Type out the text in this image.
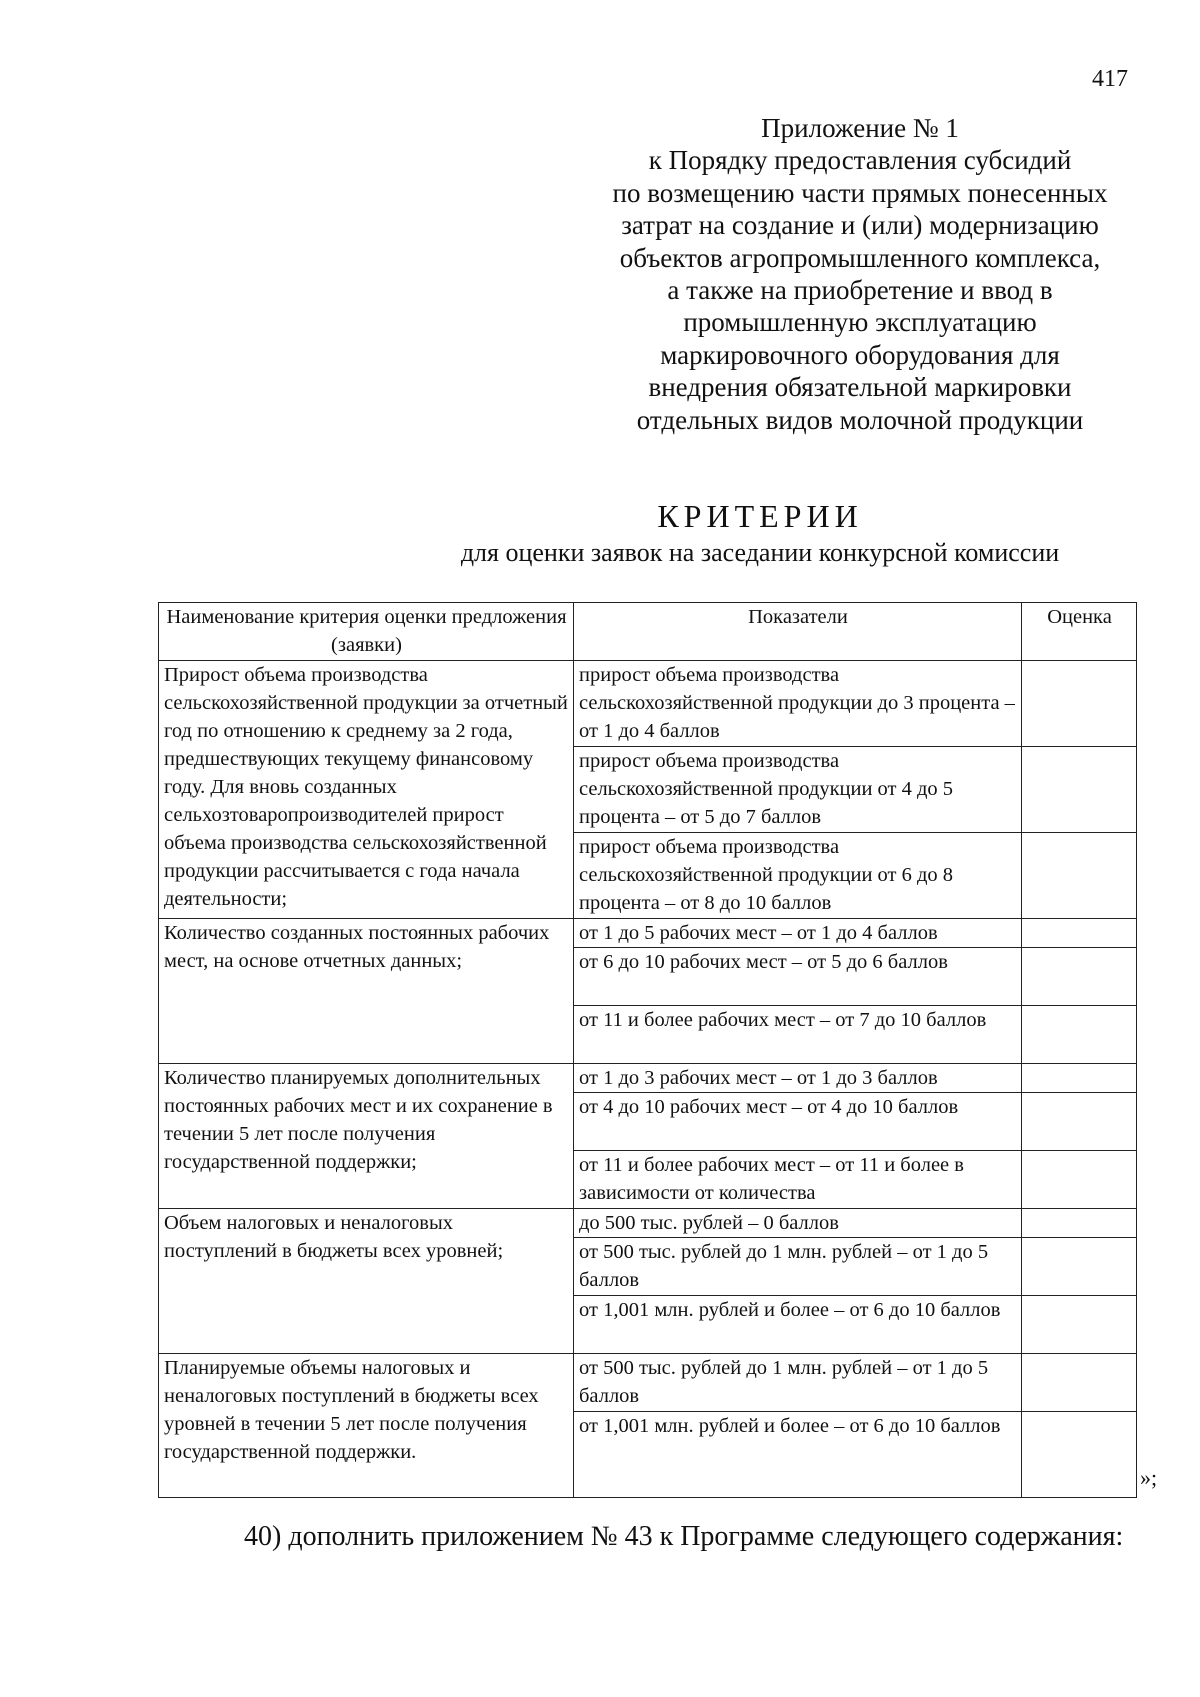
417
Приложение № 1
к Порядку предоставления субсидий
по возмещению части прямых понесенных
затрат на создание и (или) модернизацию
объектов агропромышленного комплекса,
а также на приобретение и ввод в
промышленную эксплуатацию
маркировочного оборудования для
внедрения обязательной маркировки
отдельных видов молочной продукции
КРИТЕРИИ
для оценки заявок на заседании конкурсной комиссии
Наименование критерия оценки предложения (заявки)	Показатели	Оценка
Прирост объема производства сельскохозяйственной продукции за отчетный год по отношению к среднему за 2 года, предшествующих текущему финансовому году. Для вновь созданных сельхозтоваропроизводителей прирост объема производства сельскохозяйственной продукции рассчитывается с года начала деятельности;	прирост объема производства сельскохозяйственной продукции до 3 процента – от 1 до 4 баллов	
	прирост объема производства сельскохозяйственной продукции от 4 до 5 процента – от 5 до 7 баллов	
	прирост объема производства сельскохозяйственной продукции от 6 до 8 процента – от 8 до 10 баллов	
Количество созданных постоянных рабочих мест, на основе отчетных данных;	от 1 до 5 рабочих мест – от 1 до 4 баллов	
	от 6 до 10 рабочих мест – от 5 до 6 баллов	
	от 11 и более рабочих мест – от 7 до 10 баллов	
Количество планируемых дополнительных постоянных рабочих мест и их сохранение в течении 5 лет после получения государственной поддержки;	от 1 до 3 рабочих мест – от 1 до 3 баллов	
	от 4 до 10 рабочих мест – от 4 до 10 баллов	
	от 11 и более рабочих мест – от 11 и более в зависимости от количества	
Объем налоговых и неналоговых поступлений в бюджеты всех уровней;	до 500 тыс. рублей – 0 баллов	
	от 500 тыс. рублей до 1 млн. рублей – от 1 до 5 баллов	
	от 1,001 млн. рублей и более – от 6 до 10 баллов	
Планируемые объемы налоговых и неналоговых поступлений в бюджеты всех уровней в течении 5 лет после получения государственной поддержки.	от 500 тыс. рублей до 1 млн. рублей – от 1 до 5 баллов	
	от 1,001 млн. рублей и более – от 6 до 10 баллов	
»;
40) дополнить приложением № 43 к Программе следующего содержания:
